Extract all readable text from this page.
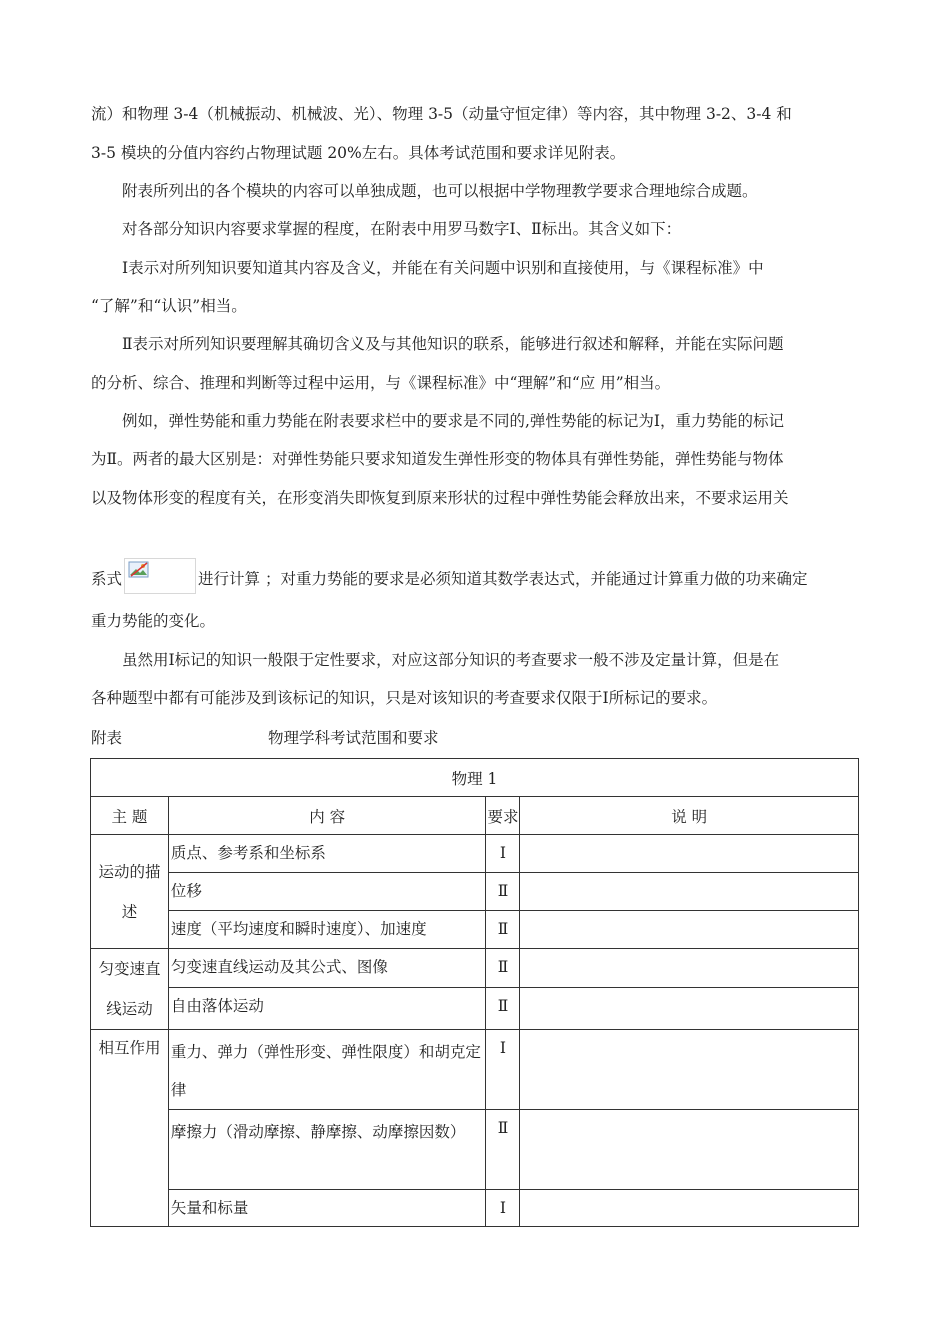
流）和物理 3-4（机械振动、机械波、光）、物理 3-5（动量守恒定律）等内容，其中物理 3-2、3-4 和
3-5 模块的分值内容约占物理试题 20%左右。具体考试范围和要求详见附表。
附表所列出的各个模块的内容可以单独成题，也可以根据中学物理教学要求合理地综合成题。
对各部分知识内容要求掌握的程度，在附表中用罗马数字Ⅰ、Ⅱ标出。其含义如下：
Ⅰ表示对所列知识要知道其内容及含义，并能在有关问题中识别和直接使用，与《课程标准》中
“了解”和“认识”相当。
Ⅱ表示对所列知识要理解其确切含义及与其他知识的联系，能够进行叙述和解释，并能在实际问题
的分析、综合、推理和判断等过程中运用，与《课程标准》中“理解”和“应 用”相当。
例如，弹性势能和重力势能在附表要求栏中的要求是不同的,弹性势能的标记为Ⅰ，重力势能的标记
为Ⅱ。两者的最大区别是：对弹性势能只要求知道发生弹性形变的物体具有弹性势能，弹性势能与物体
以及物体形变的程度有关，在形变消失即恢复到原来形状的过程中弹性势能会释放出来，不要求运用关
系式	进行计算 ；对重力势能的要求是必须知道其数学表达式，并能通过计算重力做的功来确定
重力势能的变化。
虽然用Ⅰ标记的知识一般限于定性要求，对应这部分知识的考查要求一般不涉及定量计算，但是在
各种题型中都有可能涉及到该标记的知识，只是对该知识的考查要求仅限于Ⅰ所标记的要求。
附表	物理学科考试范围和要求
物理 1			
主 题	内 容	要求	说 明
运动的描述	质点、参考系和坐标系	Ⅰ	
	位移	Ⅱ	
	速度（平均速度和瞬时速度）、加速度	Ⅱ	
匀变速直线运动	匀变速直线运动及其公式、图像	Ⅱ	
	自由落体运动	Ⅱ	
相互作用	重力、弹力（弹性形变、弹性限度）和胡克定律	Ⅰ	
	摩擦力（滑动摩擦、静摩擦、动摩擦因数）	Ⅱ	
	矢量和标量	Ⅰ	
